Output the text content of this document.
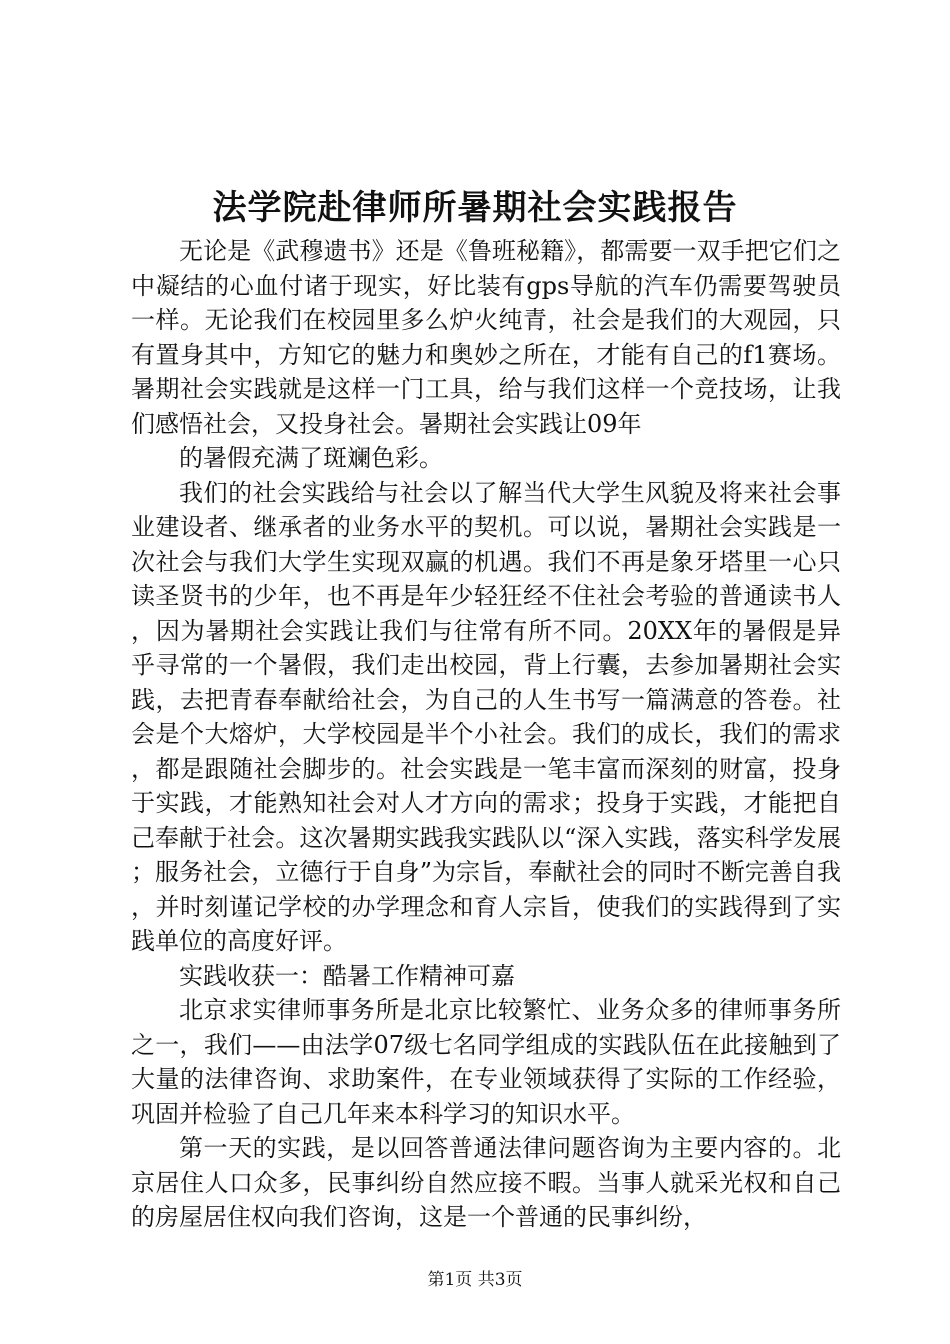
法学院赴律师所暑期社会实践报告

无论是《武穆遗书》还是《鲁班秘籍》，都需要一双手把它们之中凝结的心血付诸于现实，好比装有gps导航的汽车仍需要驾驶员一样。无论我们在校园里多么炉火纯青，社会是我们的大观园，只有置身其中，方知它的魅力和奥妙之所在，才能有自己的f1赛场。暑期社会实践就是这样一门工具，给与我们这样一个竞技场，让我们感悟社会，又投身社会。暑期社会实践让09年

的暑假充满了斑斓色彩。

我们的社会实践给与社会以了解当代大学生风貌及将来社会事业建设者、继承者的业务水平的契机。可以说，暑期社会实践是一次社会与我们大学生实现双赢的机遇。我们不再是象牙塔里一心只读圣贤书的少年，也不再是年少轻狂经不住社会考验的普通读书人，因为暑期社会实践让我们与往常有所不同。20XX年的暑假是异乎寻常的一个暑假，我们走出校园，背上行囊，去参加暑期社会实践，去把青春奉献给社会，为自己的人生书写一篇满意的答卷。社会是个大熔炉，大学校园是半个小社会。我们的成长，我们的需求，都是跟随社会脚步的。社会实践是一笔丰富而深刻的财富，投身于实践，才能熟知社会对人才方向的需求；投身于实践，才能把自己奉献于社会。这次暑期实践我实践队以“深入实践，落实科学发展；服务社会，立德行于自身”为宗旨，奉献社会的同时不断完善自我，并时刻谨记学校的办学理念和育人宗旨，使我们的实践得到了实践单位的高度好评。

实践收获一：酷暑工作精神可嘉

北京求实律师事务所是北京比较繁忙、业务众多的律师事务所之一，我们——由法学07级七名同学组成的实践队伍在此接触到了大量的法律咨询、求助案件，在专业领域获得了实际的工作经验，巩固并检验了自己几年来本科学习的知识水平。

第一天的实践，是以回答普通法律问题咨询为主要内容的。北京居住人口众多，民事纠纷自然应接不暇。当事人就采光权和自己的房屋居住权向我们咨询，这是一个普通的民事纠纷，

第1页 共3页
